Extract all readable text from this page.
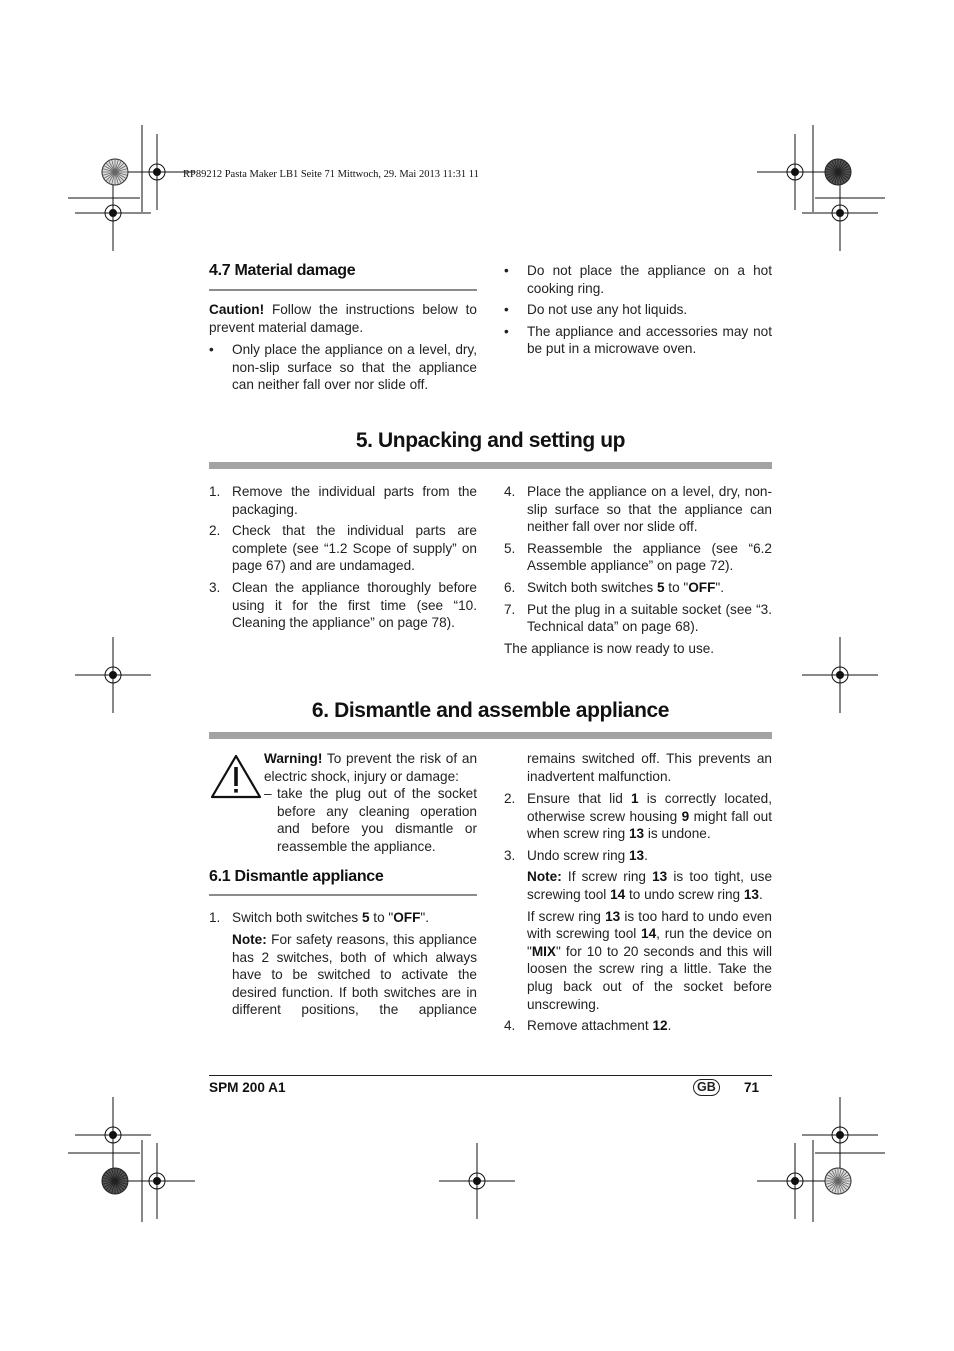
RP89212 Pasta Maker LB1 Seite 71 Mittwoch, 29. Mai 2013 11:31 11
4.7 Material damage

Caution! Follow the instructions below to prevent material damage.

•	Only place the appliance on a level, dry, non-slip surface so that the appliance can neither fall over nor slide off.
•	Do not place the appliance on a hot cooking ring.
•	Do not use any hot liquids.
•	The appliance and accessories may not be put in a microwave oven.
5. Unpacking and setting up
1. Remove the individual parts from the packaging.
2. Check that the individual parts are complete (see “1.2 Scope of supply” on page 67) and are undamaged.
3. Clean the appliance thoroughly before using it for the first time (see “10. Cleaning the appliance” on page 78).
4. Place the appliance on a level, dry, non-slip surface so that the appliance can neither fall over nor slide off.
5. Reassemble the appliance (see “6.2 Assemble appliance” on page 72).
6. Switch both switches 5 to "OFF".
7. Put the plug in a suitable socket (see “3. Technical data” on page 68).

The appliance is now ready to use.

6. Dismantle and assemble appliance

Warning! To prevent the risk of an electric shock, injury or damage:

– take the plug out of the socket before any cleaning operation and before you dismantle or reassemble the appliance.
6.1 Dismantle appliance
1. Switch both switches 5 to "OFF".
Note: For safety reasons, this appliance has 2 switches, both of which always have to be switched to activate the desired function. If both switches are in different positions, the appliance
remains switched off. This prevents an inadvertent malfunction.
2. Ensure that lid 1 is correctly located, otherwise screw housing 9 might fall out when screw ring 13 is undone.
3. Undo screw ring 13.

Note: If screw ring 13 is too tight, use screwing tool 14 to undo screw ring 13.

If screw ring 13 is too hard to undo even with screwing tool 14, run the device on "MIX" for 10 to 20 seconds and this will loosen the screw ring a little. Take the plug back out of the socket before unscrewing.

4. Remove attachment 12.
SPM 200 A1	GB 71
